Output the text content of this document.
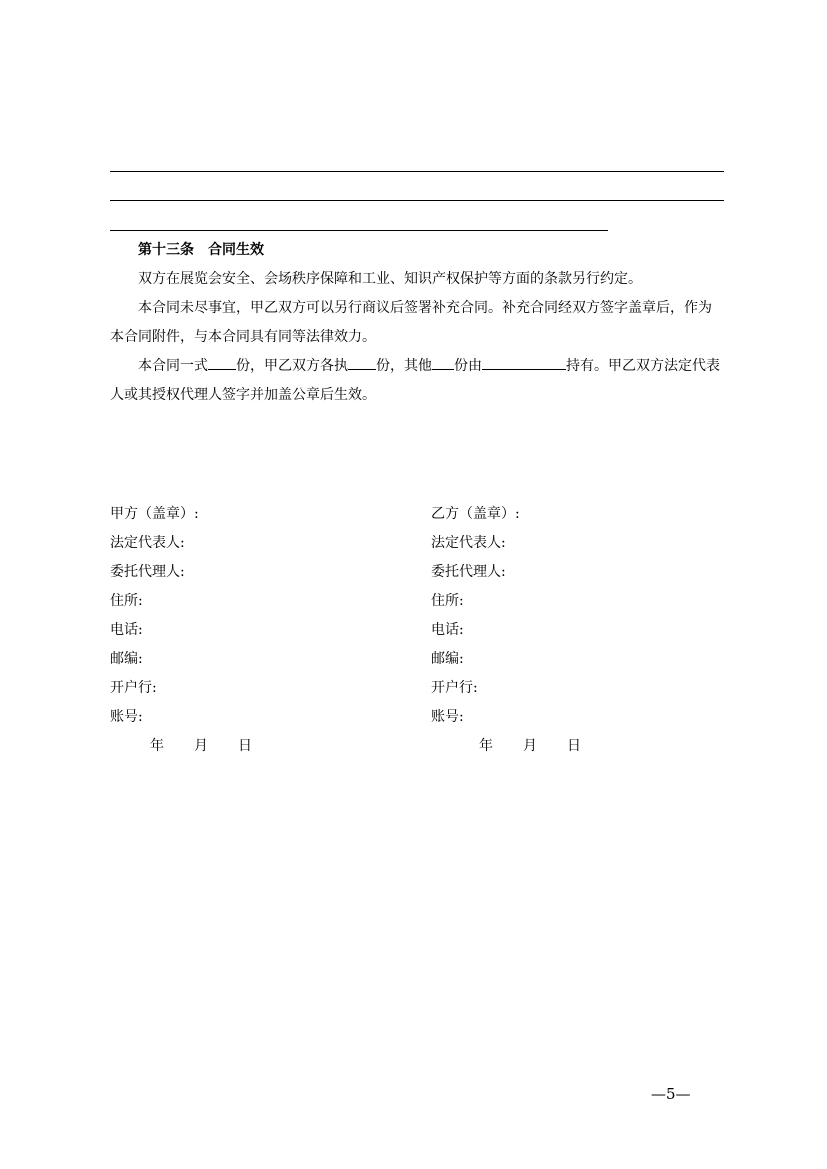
第十三条　合同生效
双方在展览会安全、会场秩序保障和工业、知识产权保护等方面的条款另行约定。
本合同未尽事宜，甲乙双方可以另行商议后签署补充合同。补充合同经双方签字盖章后，作为本合同附件，与本合同具有同等法律效力。
本合同一式 份，甲乙双方各执 份，其他 份由	持有。甲乙双方法定代表人或其授权代理人签字并加盖公章后生效。
甲方（盖章）:
法定代表人:
委托代理人:
住所:
电话:
邮编:
开户行:
账号:
年 月 日
乙方（盖章）:
法定代表人:
委托代理人:
住所:
电话:
邮编:
开户行:
账号:
年 月 日
—5—
